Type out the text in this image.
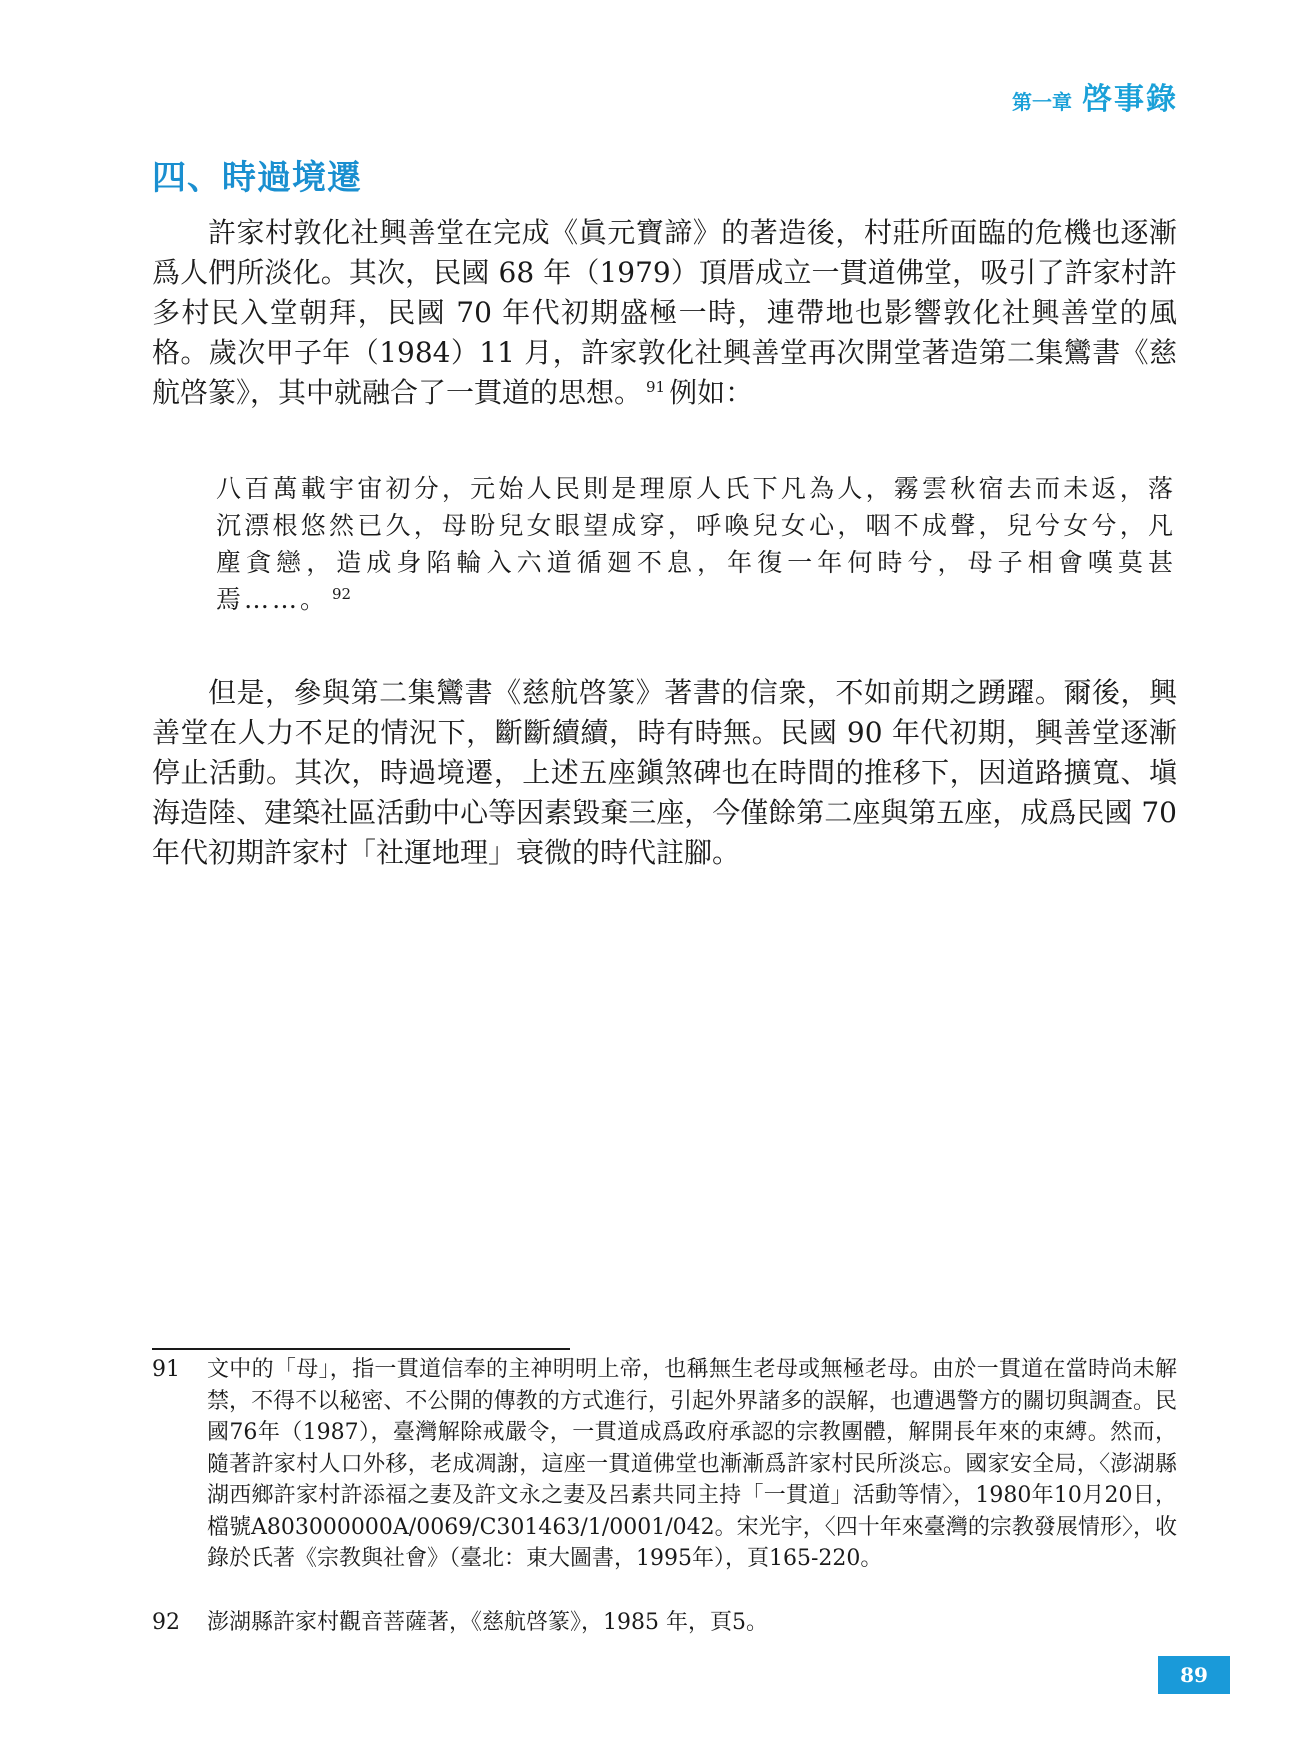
第一章 啓事錄
四、時過境遷

許家村敦化社興善堂在完成《眞元寶諦》的著造後，村莊所面臨的危機也逐漸爲人們所淡化。其次，民國 68 年（1979）頂厝成立一貫道佛堂，吸引了許家村許多村民入堂朝拜，民國 70 年代初期盛極一時，連帶地也影響敦化社興善堂的風格。歲次甲子年（1984）11 月，許家敦化社興善堂再次開堂著造第二集鸞書《慈航啓篆》，其中就融合了一貫道的思想。 $^{91}$ 例如：

八百萬載宇宙初分，元始人民則是理原人氏下凡為人，霧雲秋宿去而未返，落沉漂根悠然已久，母盼兒女眼望成穿，呼喚兒女心，咽不成聲，兒兮女兮，凡塵貪戀，造成身陷輪入六道循廻不息，年復一年何時兮，母子相會嘆莫甚焉……。 $^{92}$

但是，參與第二集鸞書《慈航啓篆》著書的信衆，不如前期之踴躍。爾後，興善堂在人力不足的情況下，斷斷續續，時有時無。民國 90 年代初期，興善堂逐漸停止活動。其次，時過境遷，上述五座鎭煞碑也在時間的推移下，因道路擴寬、塡海造陸、建築社區活動中心等因素毀棄三座，今僅餘第二座與第五座，成爲民國 70 年代初期許家村「社運地理」衰微的時代註腳。

91	文中的「母」，指一貫道信奉的主神明明上帝，也稱無生老母或無極老母。由於一貫道在當時尚未解禁，不得不以秘密、不公開的傳教的方式進行，引起外界諸多的誤解，也遭遇警方的關切與調查。民國76年（1987），臺灣解除戒嚴令，一貫道成爲政府承認的宗教團體，解開長年來的束縛。然而，隨著許家村人口外移，老成凋謝，這座一貫道佛堂也漸漸爲許家村民所淡忘。國家安全局，〈澎湖縣湖西鄉許家村許添福之妻及許文永之妻及呂素共同主持「一貫道」活動等情〉，1980年10月20日，檔號A803000000A/0069/C301463/1/0001/042。宋光宇，〈四十年來臺灣的宗教發展情形〉，收錄於氏著《宗教與社會》（臺北：東大圖書，1995年），頁165-220。
92	澎湖縣許家村觀音菩薩著，《慈航啓篆》，1985 年，頁5。
89
